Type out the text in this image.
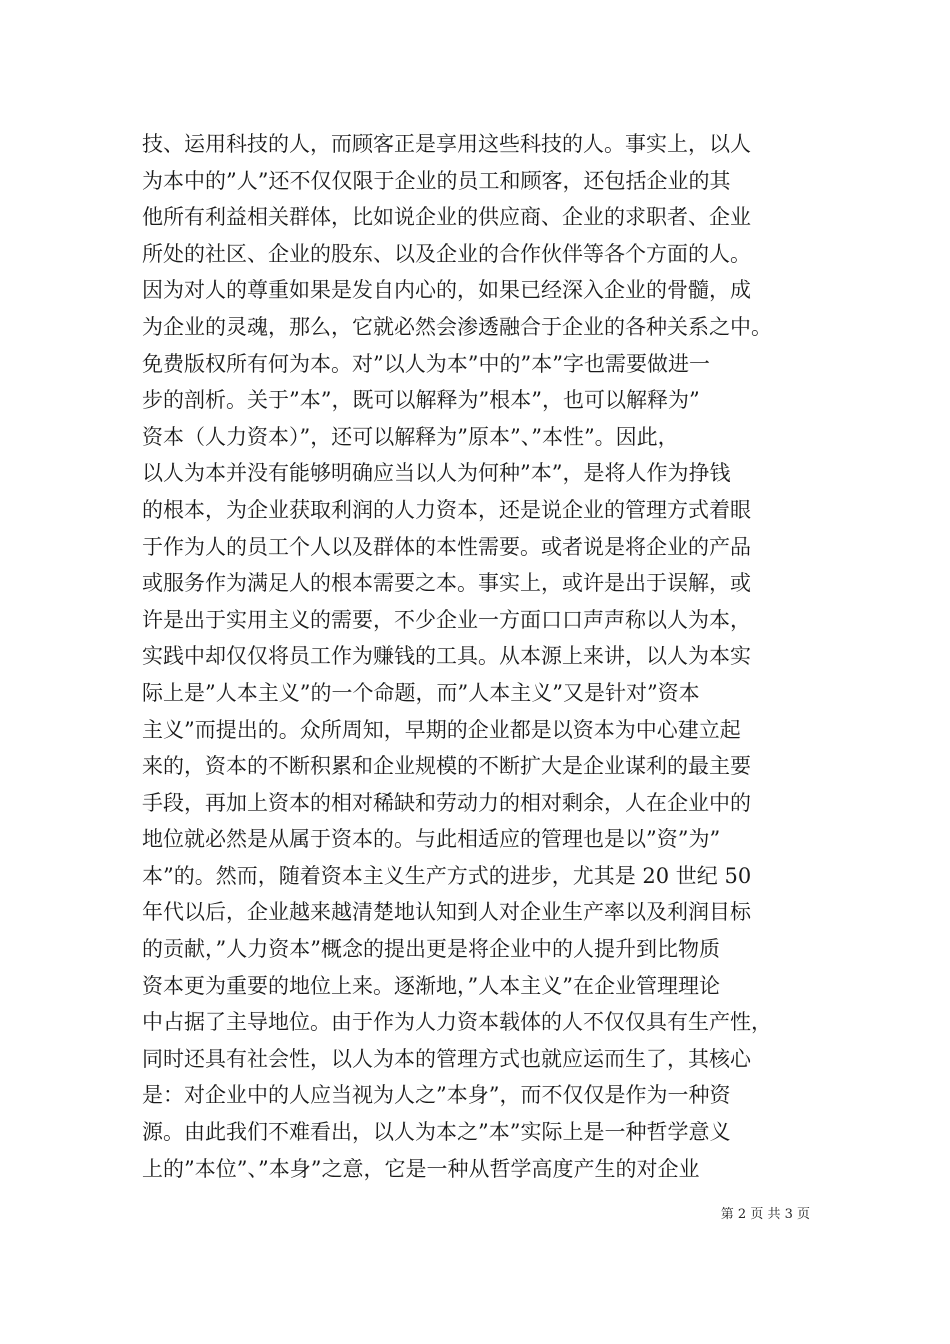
技、运用科技的人，而顾客正是享用这些科技的人。事实上，以人
为本中的”人”还不仅仅限于企业的员工和顾客，还包括企业的其
他所有利益相关群体，比如说企业的供应商、企业的求职者、企业
所处的社区、企业的股东、以及企业的合作伙伴等各个方面的人。
因为对人的尊重如果是发自内心的，如果已经深入企业的骨髓，成
为企业的灵魂，那么，它就必然会渗透融合于企业的各种关系之中。
免费版权所有何为本。对”以人为本”中的”本”字也需要做进一
步的剖析。关于”本”，既可以解释为”根本”，也可以解释为”
资本（人力资本）”，还可以解释为”原本”、”本性”。因此，
以人为本并没有能够明确应当以人为何种”本”，是将人作为挣钱
的根本，为企业获取利润的人力资本，还是说企业的管理方式着眼
于作为人的员工个人以及群体的本性需要。或者说是将企业的产品
或服务作为满足人的根本需要之本。事实上，或许是出于误解，或
许是出于实用主义的需要，不少企业一方面口口声声称以人为本，
实践中却仅仅将员工作为赚钱的工具。从本源上来讲，以人为本实
际上是”人本主义”的一个命题，而”人本主义”又是针对”资本
主义”而提出的。众所周知，早期的企业都是以资本为中心建立起
来的，资本的不断积累和企业规模的不断扩大是企业谋利的最主要
手段，再加上资本的相对稀缺和劳动力的相对剩余，人在企业中的
地位就必然是从属于资本的。与此相适应的管理也是以”资”为”
本”的。然而，随着资本主义生产方式的进步，尤其是 20 世纪 50
年代以后，企业越来越清楚地认知到人对企业生产率以及利润目标
的贡献，”人力资本”概念的提出更是将企业中的人提升到比物质
资本更为重要的地位上来。逐渐地，”人本主义”在企业管理理论
中占据了主导地位。由于作为人力资本载体的人不仅仅具有生产性，
同时还具有社会性，以人为本的管理方式也就应运而生了，其核心
是：对企业中的人应当视为人之”本身”，而不仅仅是作为一种资
源。由此我们不难看出，以人为本之”本”实际上是一种哲学意义
上的”本位”、”本身”之意，它是一种从哲学高度产生的对企业
第 2 页 共 3 页
